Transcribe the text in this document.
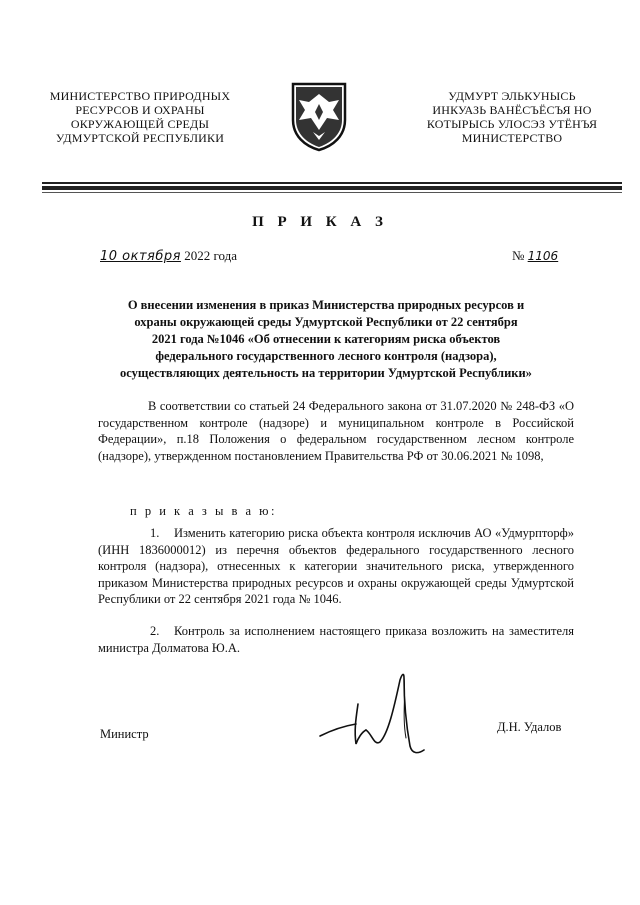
МИНИСТЕРСТВО ПРИРОДНЫХ
РЕСУРСОВ И ОХРАНЫ
ОКРУЖАЮЩЕЙ СРЕДЫ
УДМУРТСКОЙ РЕСПУБЛИКИ
УДМУРТ ЭЛЬКУНЫСЬ
ИНКУАЗЬ ВАНЁСЪЁСЪЯ НО
КОТЫРЫСЬ УЛОСЭЗ УТЁНЪЯ
МИНИСТЕРСТВО
П Р И К А З
10 октября 2022 года	№ 1106
О внесении изменения в приказ Министерства природных ресурсов и
охраны окружающей среды Удмуртской Республики от 22 сентября
2021 года №1046 «Об отнесении к категориям риска объектов
федерального государственного лесного контроля (надзора),
осуществляющих деятельность на территории Удмуртской Республики»
В соответствии со статьей 24 Федерального закона от 31.07.2020 № 248-ФЗ «О государственном контроле (надзоре) и муниципальном контроле в Российской Федерации», п.18 Положения о федеральном государственном лесном контроле (надзоре), утвержденном постановлением Правительства РФ от 30.06.2021 № 1098,
п р и к а з ы в а ю:
1. Изменить категорию риска объекта контроля исключив АО «Удмурпторф» (ИНН 1836000012) из перечня объектов федерального государственного лесного контроля (надзора), отнесенных к категории значительного риска, утвержденного приказом Министерства природных ресурсов и охраны окружающей среды Удмуртской Республики от 22 сентября 2021 года № 1046.
2. Контроль за исполнением настоящего приказа возложить на заместителя министра Долматова Ю.А.
Министр	Д.Н. Удалов
